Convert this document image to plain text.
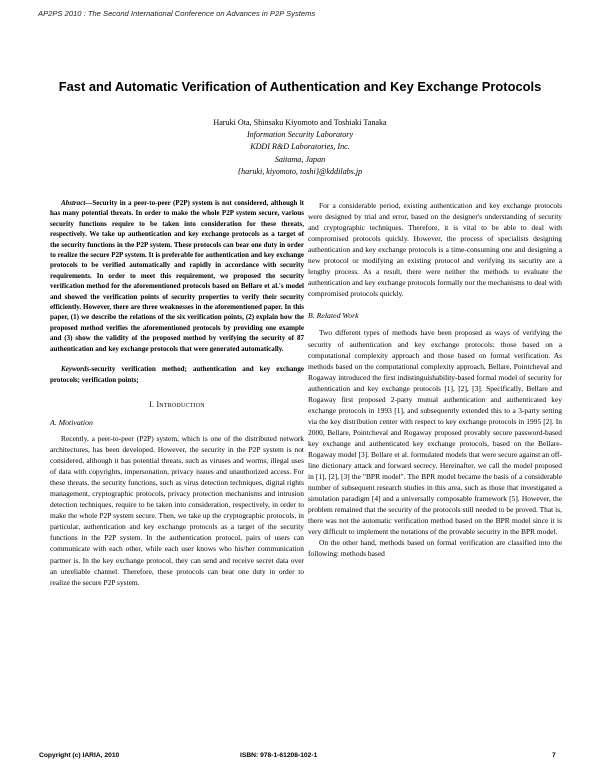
AP2PS 2010 : The Second International Conference on Advances in P2P Systems
Fast and Automatic Verification of Authentication and Key Exchange Protocols
Haruki Ota, Shinsaku Kiyomoto and Toshiaki Tanaka
Information Security Laboratory
KDDI R&D Laboratories, Inc.
Saitama, Japan
{haruki, kiyomoto, toshi}@kddilabs.jp

Abstract—Security in a peer-to-peer (P2P) system is not considered, although it has many potential threats. In order to make the whole P2P system secure, various security functions require to be taken into consideration for these threats, respectively. We take up authentication and key exchange protocols as a target of the security functions in the P2P system. These protocols can bear one duty in order to realize the secure P2P system. It is preferable for authentication and key exchange protocols to be verified automatically and rapidly in accordance with security requirements. In order to meet this requirement, we proposed the security verification method for the aforementioned protocols based on Bellare et al.'s model and showed the verification points of security properties to verify their security efficiently. However, there are three weaknesses in the aforementioned paper. In this paper, (1) we describe the relations of the six verification points, (2) explain how the proposed method verifies the aforementioned protocols by providing one example and (3) show the validity of the proposed method by verifying the security of 87 authentication and key exchange protocols that were generated automatically.

Keywords-security verification method; authentication and key exchange protocols; verification points;

I. Introduction
A. Motivation

Recently, a peer-to-peer (P2P) system, which is one of the distributed network architectures, has been developed. However, the security in the P2P system is not considered, although it has potential threats, such as viruses and worms, illegal uses of data with copyrights, impersonation, privacy issues and unauthorized access. For these threats, the security functions, such as virus detection techniques, digital rights management, cryptographic protocols, privacy protection mechanisms and intrusion detection techniques, require to be taken into consideration, respectively, in order to make the whole P2P system secure. Then, we take up the cryptographic protocols, in particular, authentication and key exchange protocols as a target of the security functions in the P2P system. In the authentication protocol, pairs of users can communicate with each other, while each user knows who his/her communication partner is. In the key exchange protocol, they can send and receive secret data over an unreliable channel. Therefore, these protocols can bear one duty in order to realize the secure P2P system.

For a considerable period, existing authentication and key exchange protocols were designed by trial and error, based on the designer's understanding of security and cryptographic techniques. Therefore, it is vital to be able to deal with compromised protocols quickly. However, the process of specialists designing authentication and key exchange protocols is a time-consuming one and designing a new protocol or modifying an existing protocol and verifying its security are a lengthy process. As a result, there were neither the methods to evaluate the authentication and key exchange protocols formally nor the mechanisms to deal with compromised protocols quickly.

B. Related Work

Two different types of methods have been proposed as ways of verifying the security of authentication and key exchange protocols: those based on a computational complexity approach and those based on formal verification. As methods based on the computational complexity approach, Bellare, Pointcheval and Rogaway introduced the first indistinguishability-based formal model of security for authentication and key exchange protocols [1], [2], [3]. Specifically, Bellare and Rogaway first proposed 2-party mutual authentication and authenticated key exchange protocols in 1993 [1], and subsequently extended this to a 3-party setting via the key distribution center with respect to key exchange protocols in 1995 [2]. In 2000, Bellare, Pointcheval and Rogaway proposed provably secure password-based key exchange and authenticated key exchange protocols, based on the Bellare-Rogaway model [3]. Bellare et al. formulated models that were secure against an off-line dictionary attack and forward secrecy. Hereinafter, we call the model proposed in [1], [2], [3] the "BPR model". The BPR model became the basis of a considerable number of subsequent research studies in this area, such as those that investigated a simulation paradigm [4] and a universally composable framework [5]. However, the problem remained that the security of the protocols still needed to be proved. That is, there was not the automatic verification method based on the BPR model since it is very difficult to implement the notations of the provable security in the BPR model.

On the other hand, methods based on formal verification are classified into the following: methods based

Copyright (c) IARIA, 2010	ISBN: 978-1-61208-102-1	7
